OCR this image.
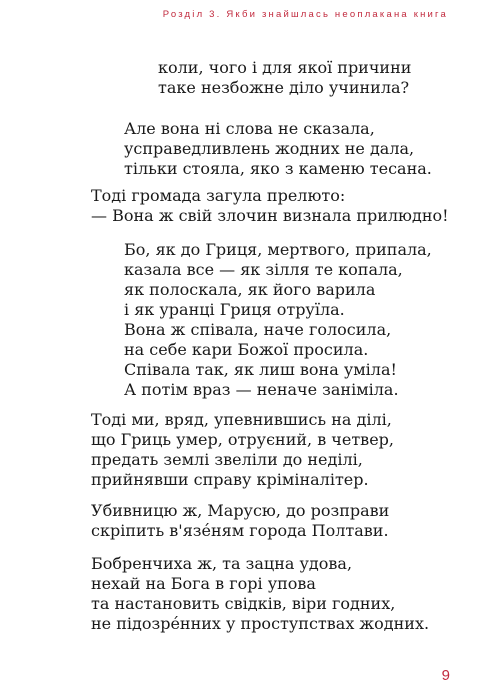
Розділ 3. Якби знайшлась неоплакана книга
коли, чого і для якої причини
таке незбожне діло учинила?
Але вона ні слова не сказала,
усправедливлень жодних не дала,
тільки стояла, яко з каменю тесана.
Тоді громада загула прелюто:
— Вона ж свій злочин визнала прилюдно!
Бо, як до Гриця, мертвого, припала,
казала все — як зілля те копала,
як полоскала, як його варила
і як уранці Гриця отруїла.
Вона ж співала, наче голосила,
на себе кари Божої просила.
Співала так, як лиш вона уміла!
А потім враз — неначе заніміла.
Тоді ми, вряд, упевнившись на ділі,
що Гриць умер, отруєний, в четвер,
предать землі звеліли до неділі,
прийнявши справу кріміналітер.
Убивницю ж, Марусю, до розправи
скріпить в'язéням города Полтави.
Бобренчиха ж, та зацна удова,
нехай на Бога в горі упова
та настановить свідків, віри годних,
не підозрéнних у проступствах жодних.
9
